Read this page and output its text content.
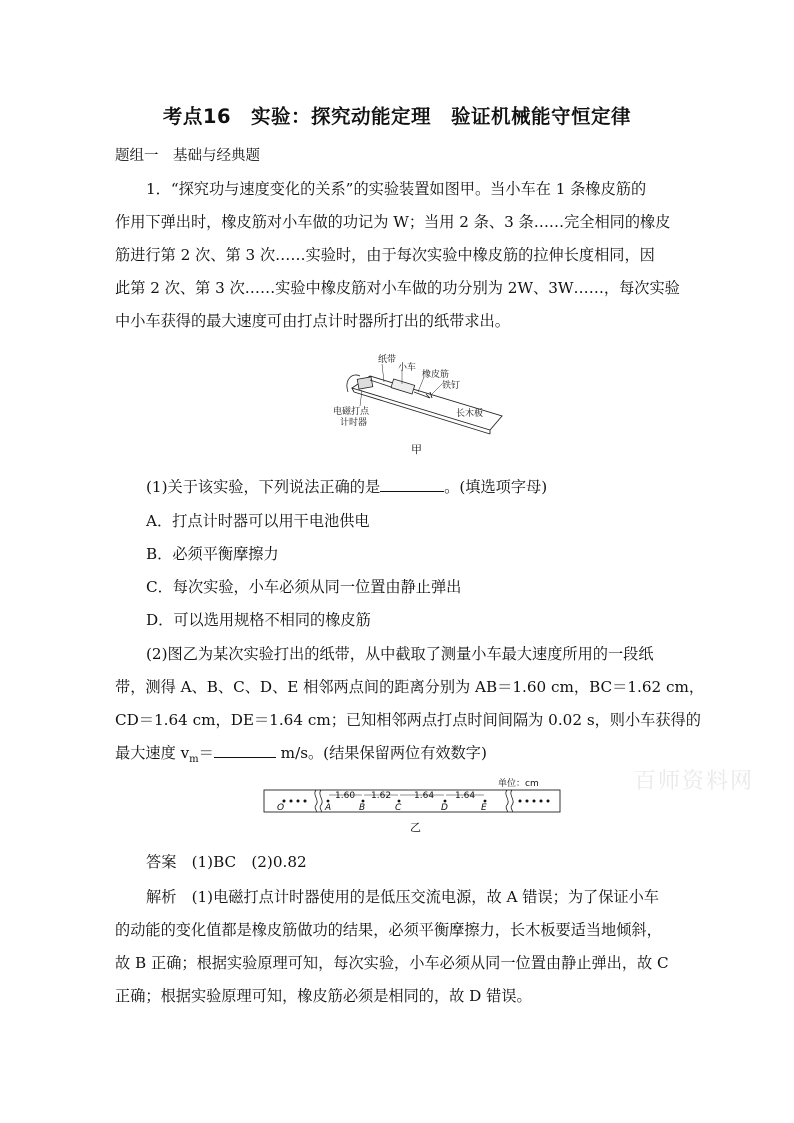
考点16　实验：探究动能定理　验证机械能守恒定律
题组一　基础与经典题
1．“探究功与速度变化的关系”的实验装置如图甲。当小车在 1 条橡皮筋的
作用下弹出时，橡皮筋对小车做的功记为 W；当用 2 条、3 条……完全相同的橡皮
筋进行第 2 次、第 3 次……实验时，由于每次实验中橡皮筋的拉伸长度相同，因
此第 2 次、第 3 次……实验中橡皮筋对小车做的功分别为 2W、3W……，每次实验
中小车获得的最大速度可由打点计时器所打出的纸带求出。
纸带
小车
橡皮筋
铁钉
电磁打点
计时器
长木板
甲
(1)关于该实验，下列说法正确的是	。(填选项字母)
A．打点计时器可以用干电池供电
B．必须平衡摩擦力
C．每次实验，小车必须从同一位置由静止弹出
D．可以选用规格不相同的橡皮筋
(2)图乙为某次实验打出的纸带，从中截取了测量小车最大速度所用的一段纸
带，测得 A、B、C、D、E 相邻两点间的距离分别为 AB＝1.60 cm，BC＝1.62 cm，
CD＝1.64 cm，DE＝1.64 cm；已知相邻两点打点时间间隔为 0.02 s，则小车获得的
最大速度 $v_m=$	m/s。(结果保留两位有效数字)
单位：cm
1.60 1.62	1.64 1.64
O	A	B	C	D	E
乙
百师资料网
答案　 (1)BC　(2)0.82
解析　 (1)电磁打点计时器使用的是低压交流电源，故 A 错误；为了保证小车
的动能的变化值都是橡皮筋做功的结果，必须平衡摩擦力，长木板要适当地倾斜，
故 B 正确；根据实验原理可知，每次实验，小车必须从同一位置由静止弹出，故 C
正确；根据实验原理可知，橡皮筋必须是相同的，故 D 错误。
